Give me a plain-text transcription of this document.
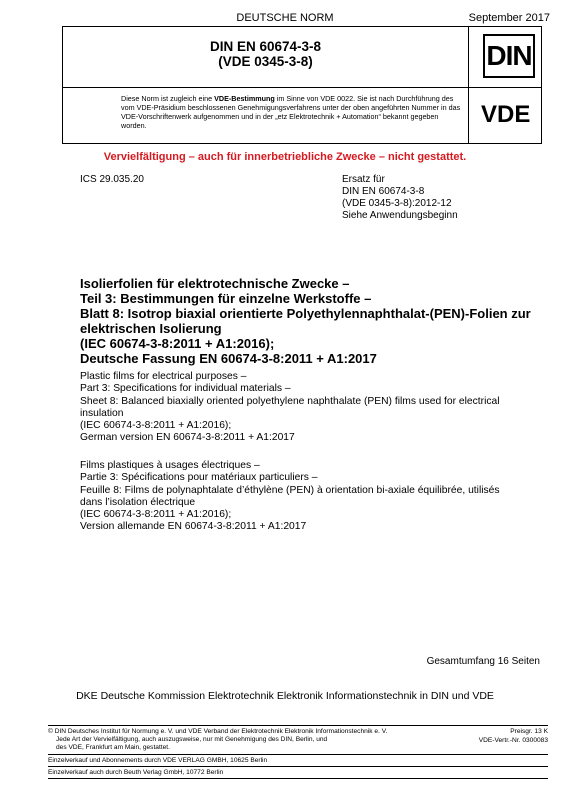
DEUTSCHE NORM	September 2017
DIN EN 60674-3-8
(VDE 0345-3-8)
Diese Norm ist zugleich eine VDE-Bestimmung im Sinne von VDE 0022. Sie ist nach Durchführung des vom VDE-Präsidium beschlossenen Genehmigungsverfahrens unter der oben angeführten Nummer in das VDE-Vorschriftenwerk aufgenommen und in der „etz Elektrotechnik + Automation“ bekannt gegeben worden.
DIN
VDE
Vervielfältigung – auch für innerbetriebliche Zwecke – nicht gestattet.
ICS 29.035.20	Ersatz für
DIN EN 60674-3-8
(VDE 0345-3-8):2012-12
Siehe Anwendungsbeginn
Isolierfolien für elektrotechnische Zwecke –
Teil 3: Bestimmungen für einzelne Werkstoffe –
Blatt 8: Isotrop biaxial orientierte Polyethylennaphthalat-(PEN)-Folien zur
elektrischen Isolierung
(IEC 60674-3-8:2011 + A1:2016);
Deutsche Fassung EN 60674-3-8:2011 + A1:2017
Plastic films for electrical purposes –
Part 3: Specifications for individual materials –
Sheet 8: Balanced biaxially oriented polyethylene naphthalate (PEN) films used for electrical
insulation
(IEC 60674-3-8:2011 + A1:2016);
German version EN 60674-3-8:2011 + A1:2017
Films plastiques à usages électriques –
Partie 3: Spécifications pour matériaux particuliers –
Feuille 8: Films de polynaphtalate d’éthylène (PEN) à orientation bi-axiale équilibrée, utilisés
dans l’isolation électrique
(IEC 60674-3-8:2011 + A1:2016);
Version allemande EN 60674-3-8:2011 + A1:2017
Gesamtumfang 16 Seiten
DKE Deutsche Kommission Elektrotechnik Elektronik Informationstechnik in DIN und VDE
© DIN Deutsches Institut für Normung e. V. und VDE Verband der Elektrotechnik Elektronik Informationstechnik e. V.
Jede Art der Vervielfältigung, auch auszugsweise, nur mit Genehmigung des DIN, Berlin, und
des VDE, Frankfurt am Main, gestattet.
Preisgr. 13 K
VDE-Vertr.-Nr. 0300083
Einzelverkauf und Abonnements durch VDE VERLAG GMBH, 10625 Berlin
Einzelverkauf auch durch Beuth Verlag GmbH, 10772 Berlin
